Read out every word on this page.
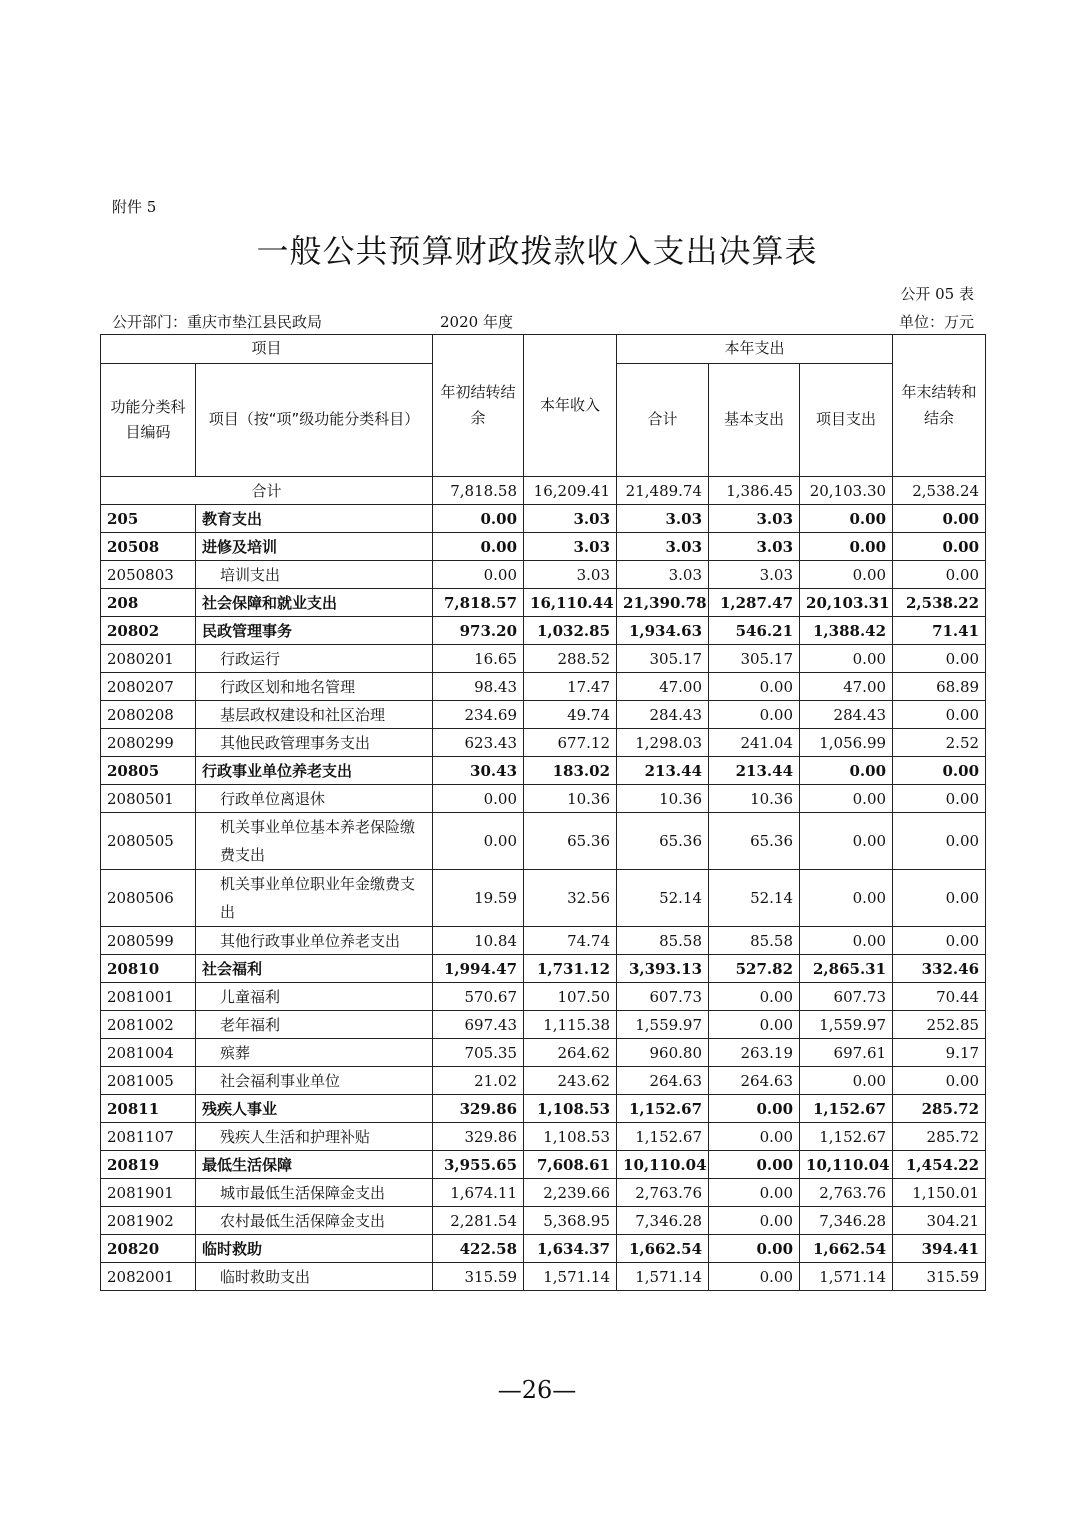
附件 5
一般公共预算财政拨款收入支出决算表
公开 05 表
公开部门：重庆市垫江县民政局	2020 年度	单位：万元
项目		年初结转结余	本年收入	本年支出			年末结转和结余
功能分类科目编码	项目（按“项”级功能分类科目）			合计	基本支出	项目支出	
合计		7,818.58	16,209.41	21,489.74	1,386.45	20,103.30	2,538.24
205	教育支出	0.00	3.03	3.03	3.03	0.00	0.00
20508	进修及培训	0.00	3.03	3.03	3.03	0.00	0.00
2050803	培训支出	0.00	3.03	3.03	3.03	0.00	0.00
208	社会保障和就业支出	7,818.57	16,110.44	21,390.78	1,287.47	20,103.31	2,538.22
20802	民政管理事务	973.20	1,032.85	1,934.63	546.21	1,388.42	71.41
2080201	行政运行	16.65	288.52	305.17	305.17	0.00	0.00
2080207	行政区划和地名管理	98.43	17.47	47.00	0.00	47.00	68.89
2080208	基层政权建设和社区治理	234.69	49.74	284.43	0.00	284.43	0.00
2080299	其他民政管理事务支出	623.43	677.12	1,298.03	241.04	1,056.99	2.52
20805	行政事业单位养老支出	30.43	183.02	213.44	213.44	0.00	0.00
2080501	行政单位离退休	0.00	10.36	10.36	10.36	0.00	0.00
2080505	机关事业单位基本养老保险缴费支出	0.00	65.36	65.36	65.36	0.00	0.00
2080506	机关事业单位职业年金缴费支出	19.59	32.56	52.14	52.14	0.00	0.00
2080599	其他行政事业单位养老支出	10.84	74.74	85.58	85.58	0.00	0.00
20810	社会福利	1,994.47	1,731.12	3,393.13	527.82	2,865.31	332.46
2081001	儿童福利	570.67	107.50	607.73	0.00	607.73	70.44
2081002	老年福利	697.43	1,115.38	1,559.97	0.00	1,559.97	252.85
2081004	殡葬	705.35	264.62	960.80	263.19	697.61	9.17
2081005	社会福利事业单位	21.02	243.62	264.63	264.63	0.00	0.00
20811	残疾人事业	329.86	1,108.53	1,152.67	0.00	1,152.67	285.72
2081107	残疾人生活和护理补贴	329.86	1,108.53	1,152.67	0.00	1,152.67	285.72
20819	最低生活保障	3,955.65	7,608.61	10,110.04	0.00	10,110.04	1,454.22
2081901	城市最低生活保障金支出	1,674.11	2,239.66	2,763.76	0.00	2,763.76	1,150.01
2081902	农村最低生活保障金支出	2,281.54	5,368.95	7,346.28	0.00	7,346.28	304.21
20820	临时救助	422.58	1,634.37	1,662.54	0.00	1,662.54	394.41
2082001	临时救助支出	315.59	1,571.14	1,571.14	0.00	1,571.14	315.59
—26—
